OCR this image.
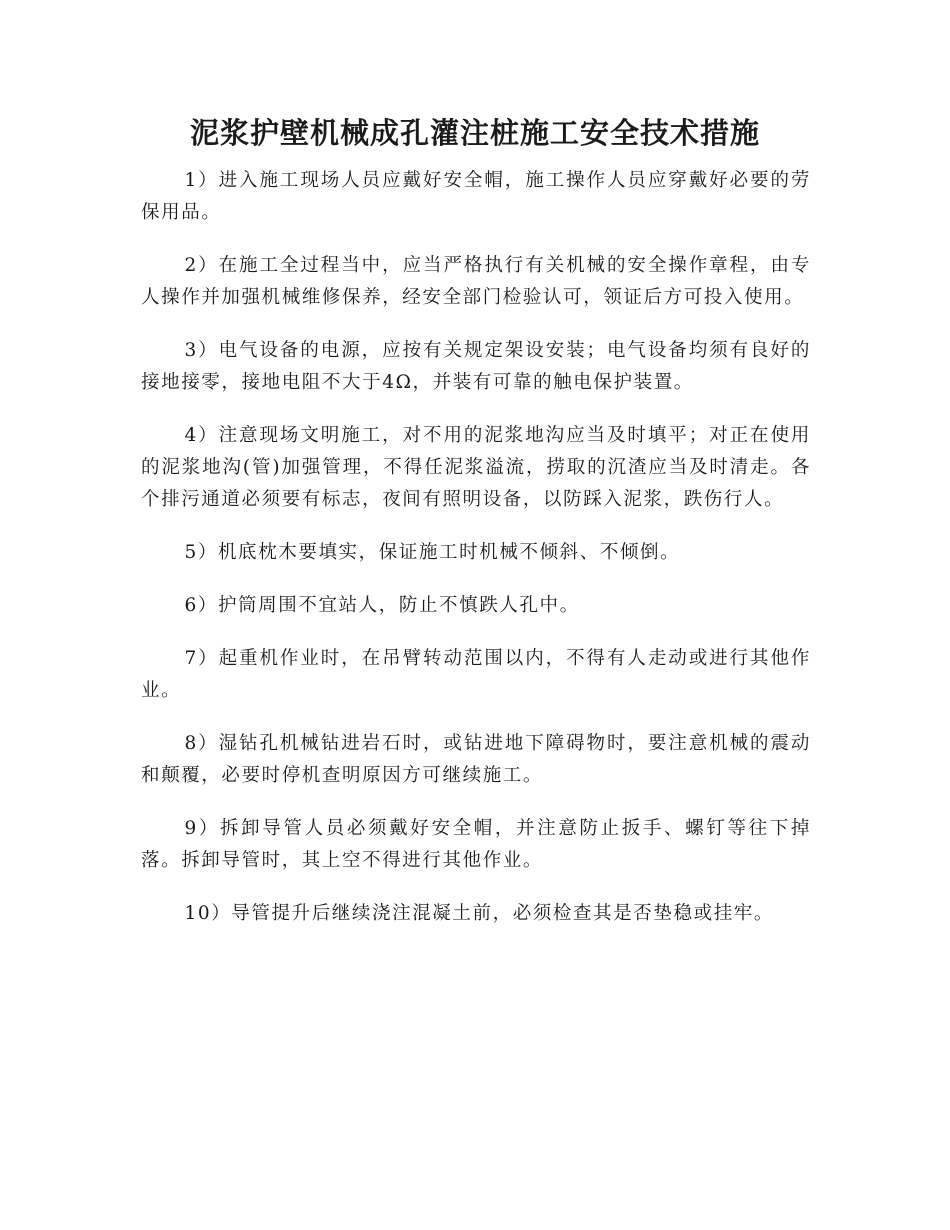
泥浆护壁机械成孔灌注桩施工安全技术措施

1）进入施工现场人员应戴好安全帽，施工操作人员应穿戴好必要的劳保用品。

2）在施工全过程当中，应当严格执行有关机械的安全操作章程，由专人操作并加强机械维修保养，经安全部门检验认可，领证后方可投入使用。

3）电气设备的电源，应按有关规定架设安装；电气设备均须有良好的接地接零，接地电阻不大于4Ω，并装有可靠的触电保护装置。

4）注意现场文明施工，对不用的泥浆地沟应当及时填平；对正在使用的泥浆地沟(管)加强管理，不得任泥浆溢流，捞取的沉渣应当及时清走。各个排污通道必须要有标志，夜间有照明设备，以防踩入泥浆，跌伤行人。

5）机底枕木要填实，保证施工时机械不倾斜、不倾倒。

6）护筒周围不宜站人，防止不慎跌人孔中。

7）起重机作业时，在吊臂转动范围以内，不得有人走动或进行其他作业。

8）湿钻孔机械钻进岩石时，或钻进地下障碍物时，要注意机械的震动和颠覆，必要时停机查明原因方可继续施工。

9）拆卸导管人员必须戴好安全帽，并注意防止扳手、螺钉等往下掉落。拆卸导管时，其上空不得进行其他作业。

10）导管提升后继续浇注混凝土前，必须检查其是否垫稳或挂牢。
